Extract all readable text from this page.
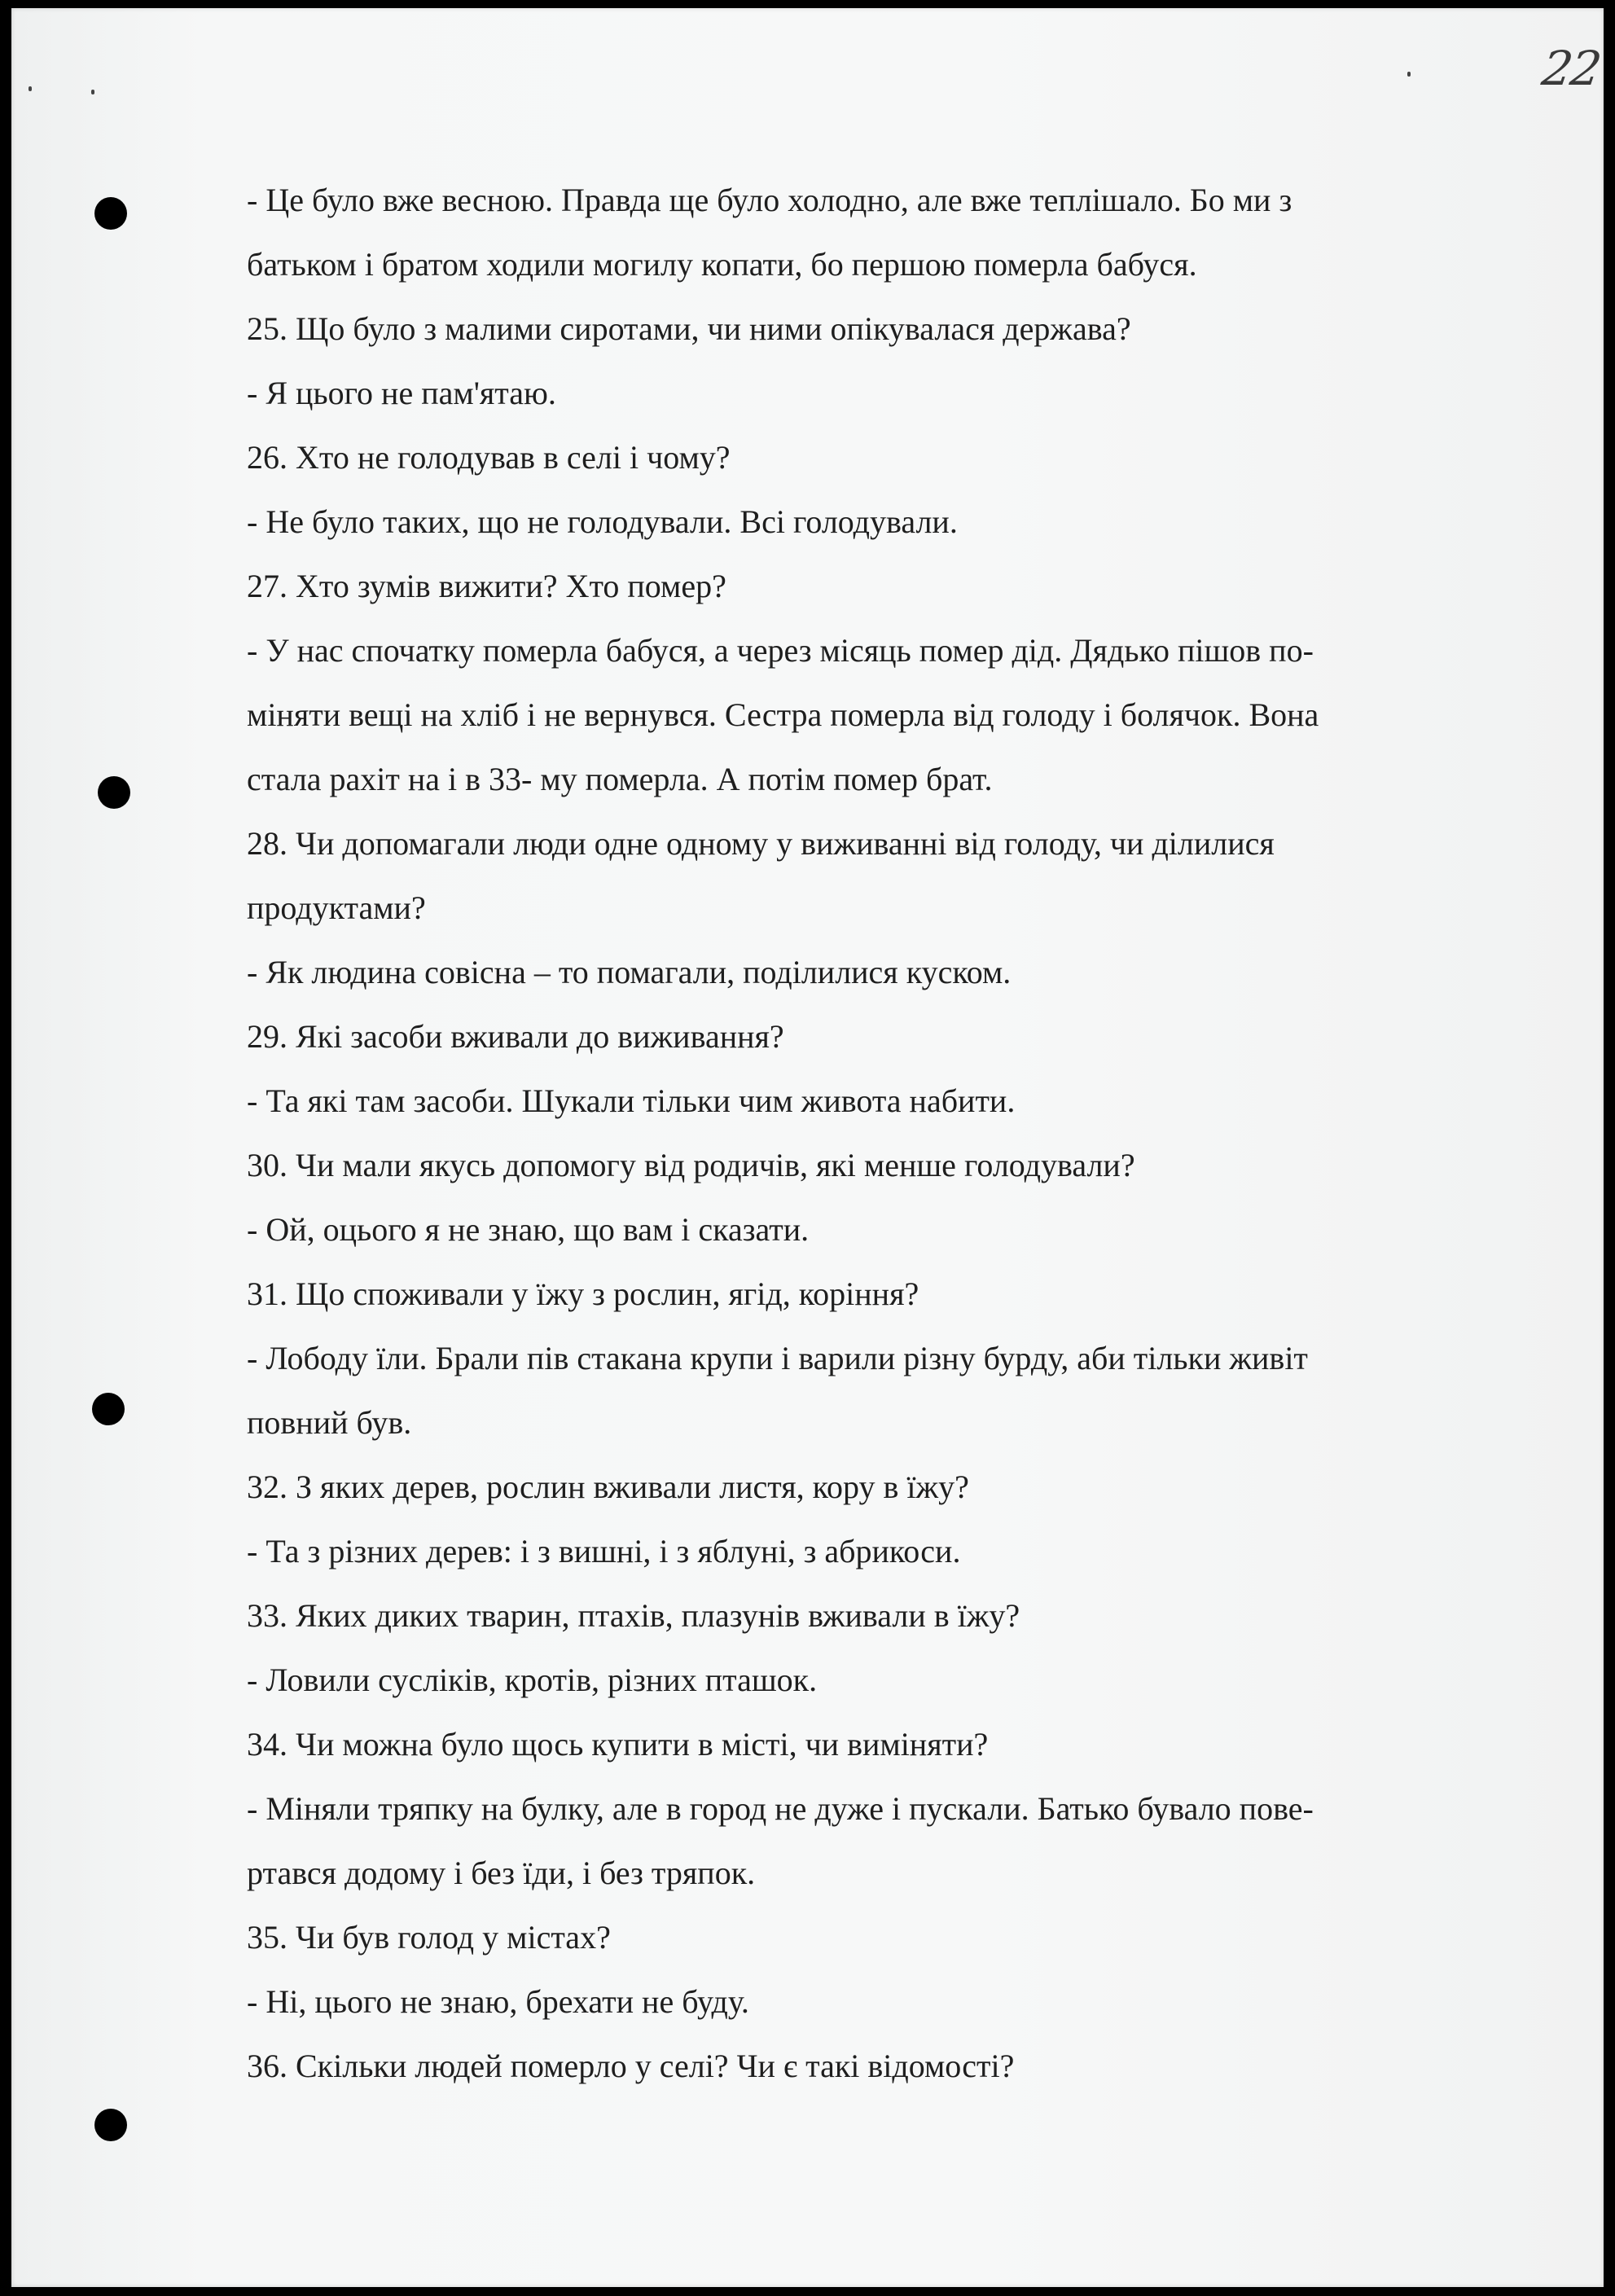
22
- Це було вже весною. Правда ще було холодно, але вже теплішало. Бо ми з
батьком і братом ходили могилу копати, бо першою померла бабуся.
25. Що було з малими сиротами, чи ними опікувалася держава?
- Я цього не пам'ятаю.
26. Хто не голодував в селі і чому?
- Не було таких, що не голодували. Всі голодували.
27. Хто зумів вижити? Хто помер?
- У нас спочатку померла бабуся, а через місяць помер дід. Дядько пішов по-
міняти вещі на хліб і не вернувся. Сестра померла від голоду і болячок. Вона
стала рахіт на і в 33- му померла. А потім помер брат.
28. Чи допомагали люди одне одному у виживанні від голоду, чи ділилися
продуктами?
- Як людина совісна – то помагали, поділилися куском.
29. Які засоби вживали до виживання?
- Та які там засоби. Шукали тільки чим живота набити.
30. Чи мали якусь допомогу від родичів, які менше голодували?
- Ой, оцього я не знаю, що вам і сказати.
31. Що споживали у їжу з рослин, ягід, коріння?
- Лободу їли. Брали пів стакана крупи і варили різну бурду, аби тільки живіт
повний був.
32. З яких дерев, рослин вживали листя, кору в їжу?
- Та з різних дерев: і з вишні, і з яблуні, з абрикоси.
33. Яких диких тварин, птахів, плазунів вживали в їжу?
- Ловили сусліків, кротів, різних пташок.
34. Чи можна було щось купити в місті, чи виміняти?
- Міняли тряпку на булку, але в город не дуже і пускали. Батько бувало пове-
ртався додому і без їди, і без тряпок.
35. Чи був голод у містах?
- Ні, цього не знаю, брехати не буду.
36. Скільки людей померло у селі? Чи є такі відомості?
